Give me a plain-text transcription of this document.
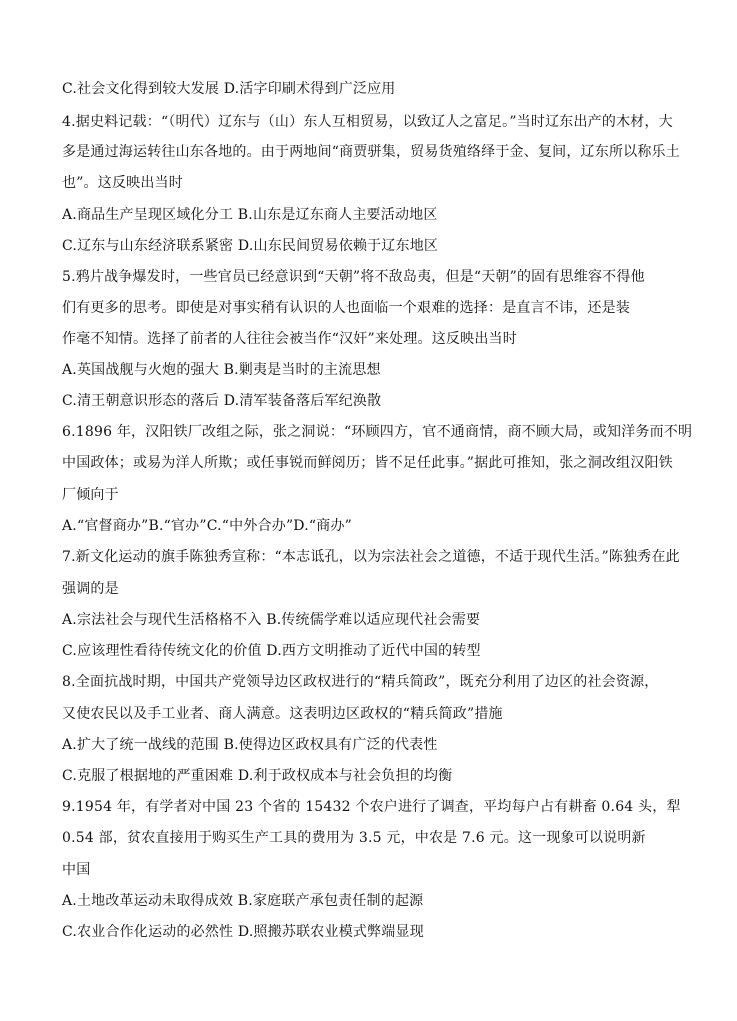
C.社会文化得到较大发展 D.活字印刷术得到广泛应用
4.据史料记载：“（明代）辽东与（山）东人互相贸易，以致辽人之富足。”当时辽东出产的木材，大
多是通过海运转往山东各地的。由于两地间“商贾骈集，贸易货殖络绎于金、复间，辽东所以称乐土
也”。这反映出当时
A.商品生产呈现区域化分工 B.山东是辽东商人主要活动地区
C.辽东与山东经济联系紧密 D.山东民间贸易依赖于辽东地区
5.鸦片战争爆发时，一些官员已经意识到“天朝”将不敌岛夷，但是“天朝”的固有思维容不得他
们有更多的思考。即使是对事实稍有认识的人也面临一个艰难的选择：是直言不讳，还是装
作毫不知情。选择了前者的人往往会被当作“汉奸”来处理。这反映出当时
A.英国战舰与火炮的强大 B.剿夷是当时的主流思想
C.清王朝意识形态的落后 D.清军装备落后军纪涣散
6.1896 年，汉阳铁厂改组之际，张之洞说：“环顾四方，官不通商情，商不顾大局，或知洋务而不明
中国政体；或易为洋人所欺；或任事锐而鲜阅历；皆不足任此事。”据此可推知，张之洞改组汉阳铁
厂倾向于
A.“官督商办”B.“官办”C.“中外合办”D.“商办”
7.新文化运动的旗手陈独秀宣称：“本志诋孔，以为宗法社会之道德，不适于现代生活。”陈独秀在此
强调的是
A.宗法社会与现代生活格格不入 B.传统儒学难以适应现代社会需要
C.应该理性看待传统文化的价值 D.西方文明推动了近代中国的转型
8.全面抗战时期，中国共产党领导边区政权进行的“精兵简政”，既充分利用了边区的社会资源，
又使农民以及手工业者、商人满意。这表明边区政权的“精兵简政”措施
A.扩大了统一战线的范围 B.使得边区政权具有广泛的代表性
C.克服了根据地的严重困难 D.利于政权成本与社会负担的均衡
9.1954 年，有学者对中国 23 个省的 15432 个农户进行了调查，平均每户占有耕畜 0.64 头，犁
0.54 部，贫农直接用于购买生产工具的费用为 3.5 元，中农是 7.6 元。这一现象可以说明新
中国
A.土地改革运动未取得成效 B.家庭联产承包责任制的起源
C.农业合作化运动的必然性 D.照搬苏联农业模式弊端显现
